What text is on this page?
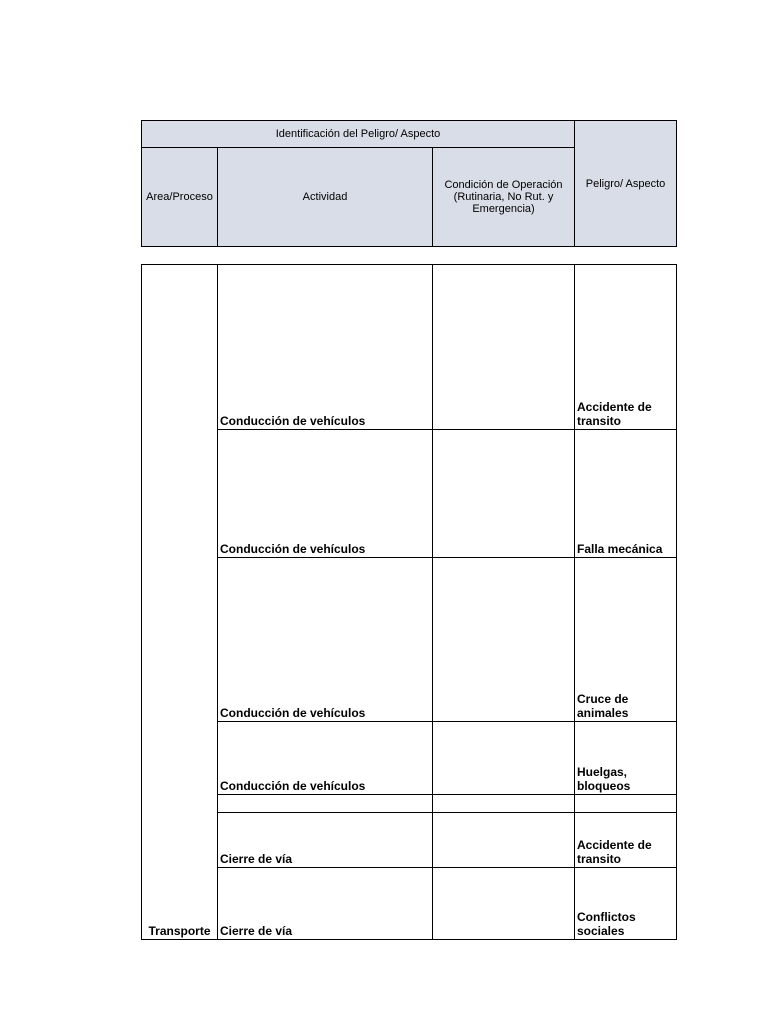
Identificación del Peligro/ Aspecto			Peligro/ Aspecto
Area/Proceso	Actividad	Condición de Operación (Rutinaria, No Rut. y Emergencia)	
Transporte	Conducción de vehículos		Accidente de transito
	Conducción de vehículos		Falla mecánica
	Conducción de vehículos		Cruce de animales
	Conducción de vehículos		Huelgas, bloqueos

	Cierre de vía		Accidente de transito
	Cierre de vía		Conflictos sociales
